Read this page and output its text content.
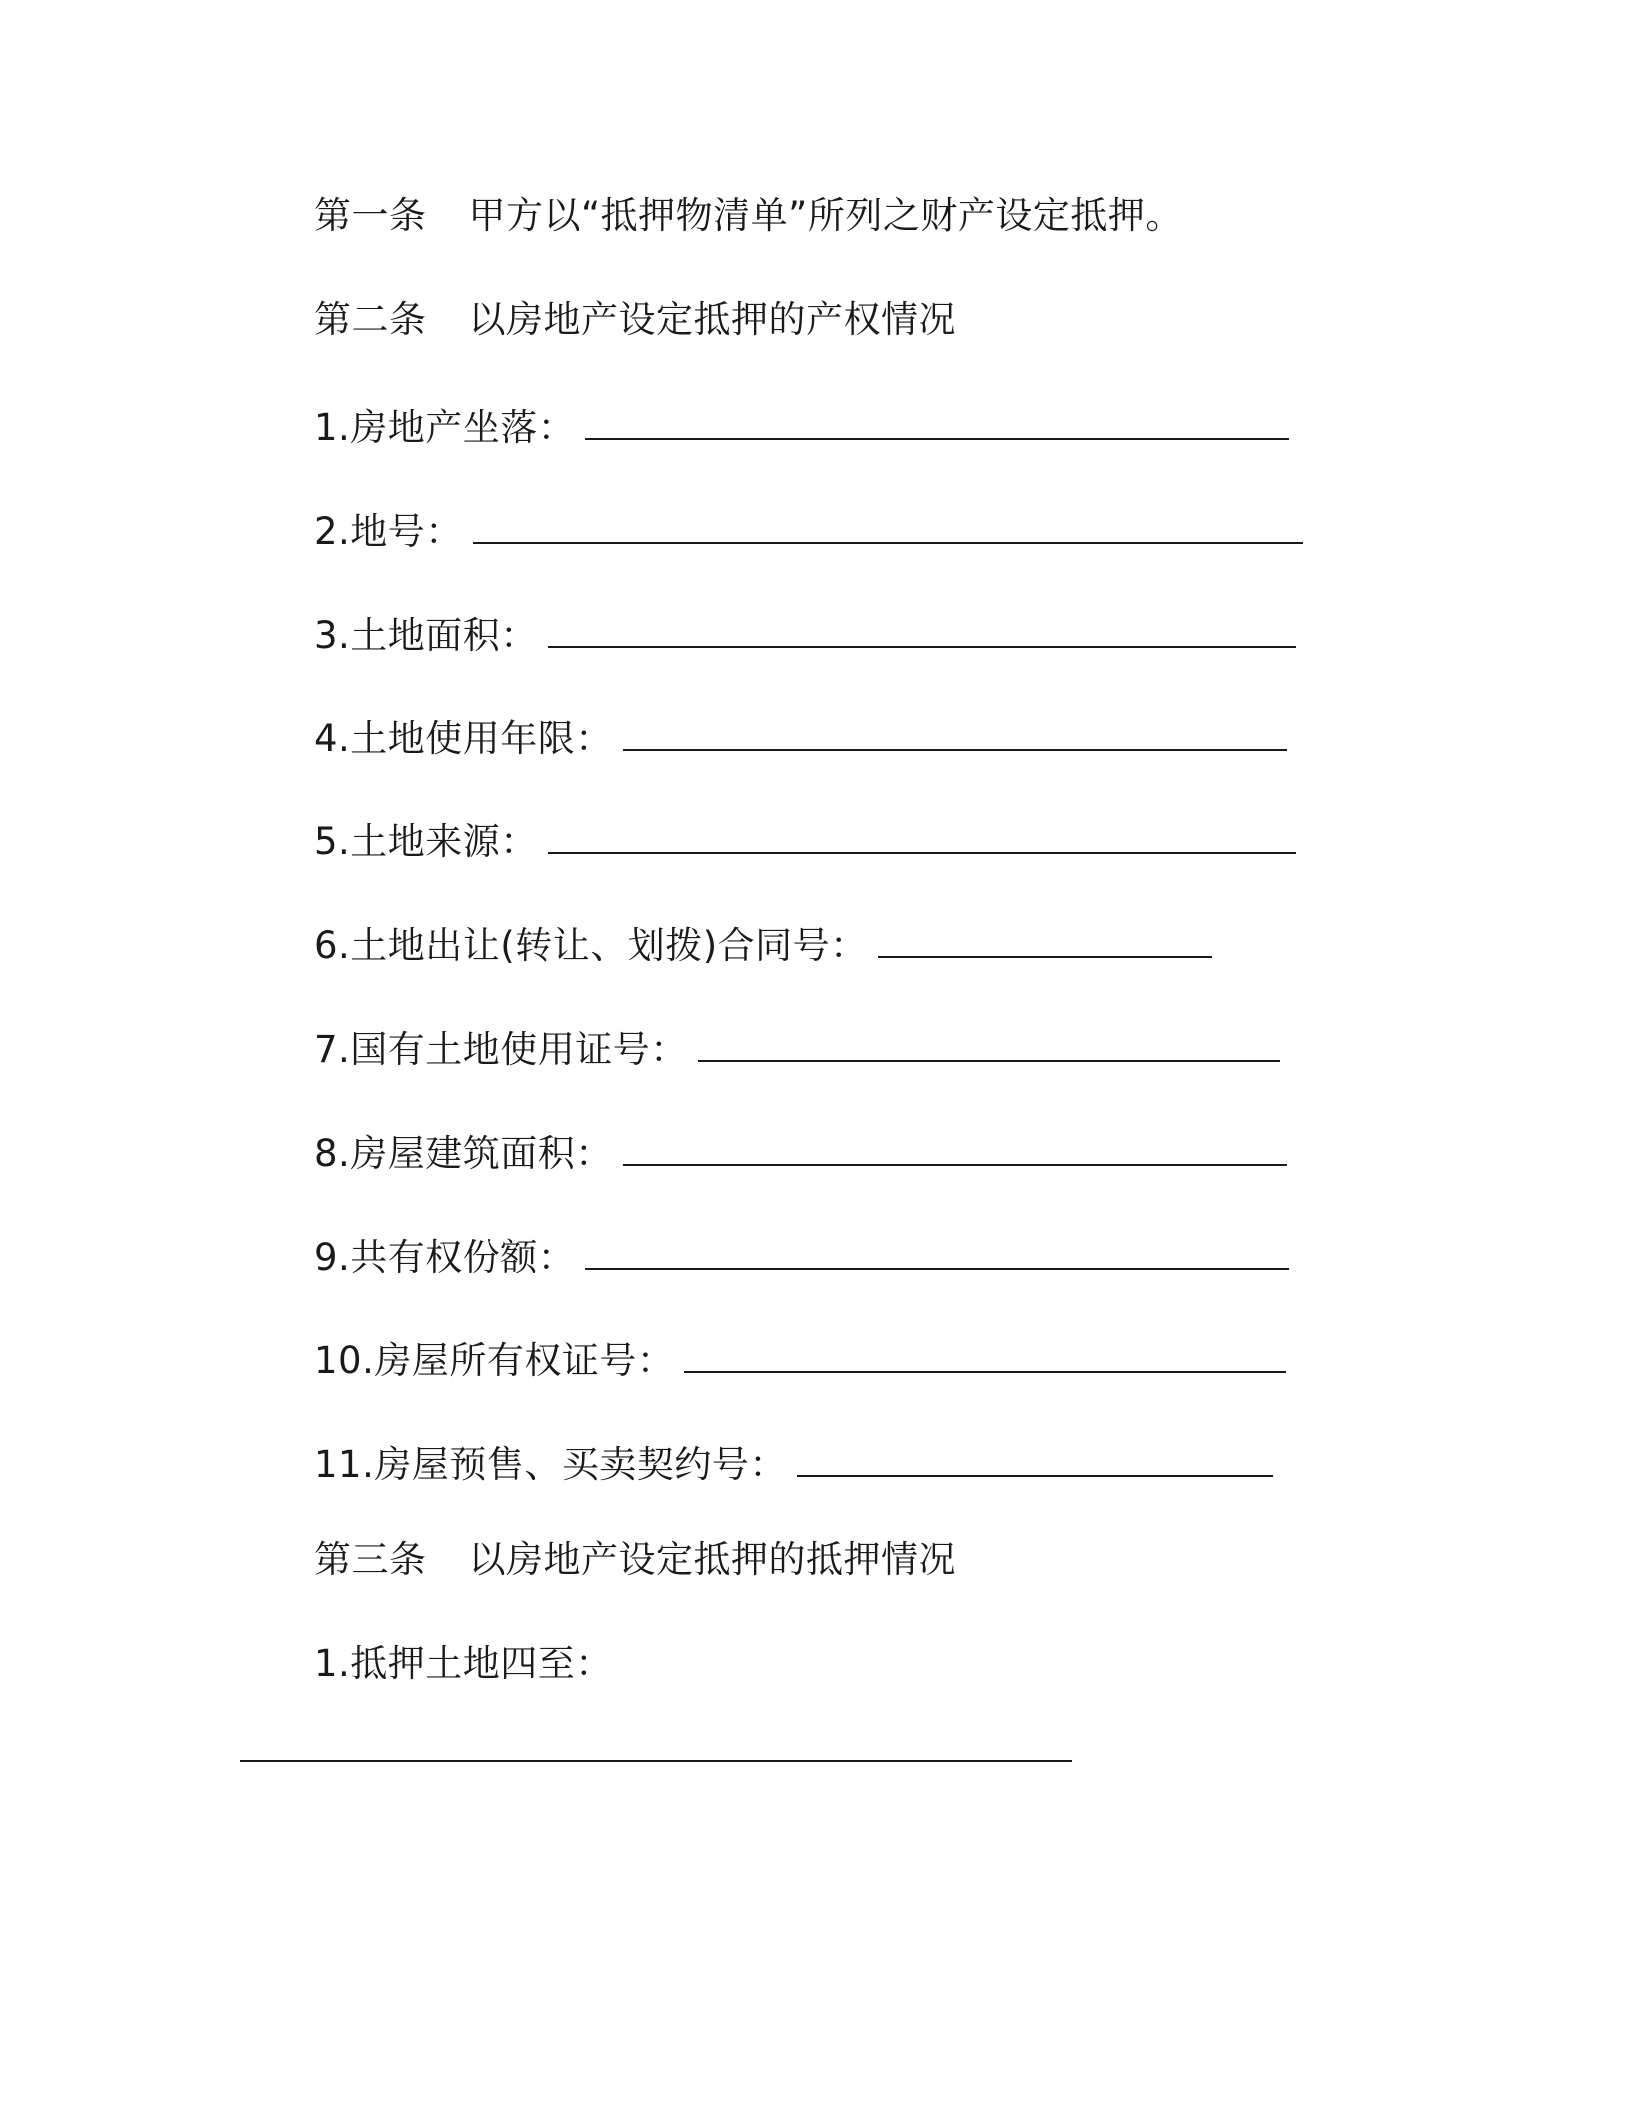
第一条 甲方以“抵押物清单”所列之财产设定抵押。
第二条 以房地产设定抵押的产权情况
1.房地产坐落：
2.地号：
3.土地面积：
4.土地使用年限：
5.土地来源：
6.土地出让(转让、划拨)合同号：
7.国有土地使用证号：
8.房屋建筑面积：
9.共有权份额：
10.房屋所有权证号：
11.房屋预售、买卖契约号：
第三条 以房地产设定抵押的抵押情况
1.抵押土地四至：
